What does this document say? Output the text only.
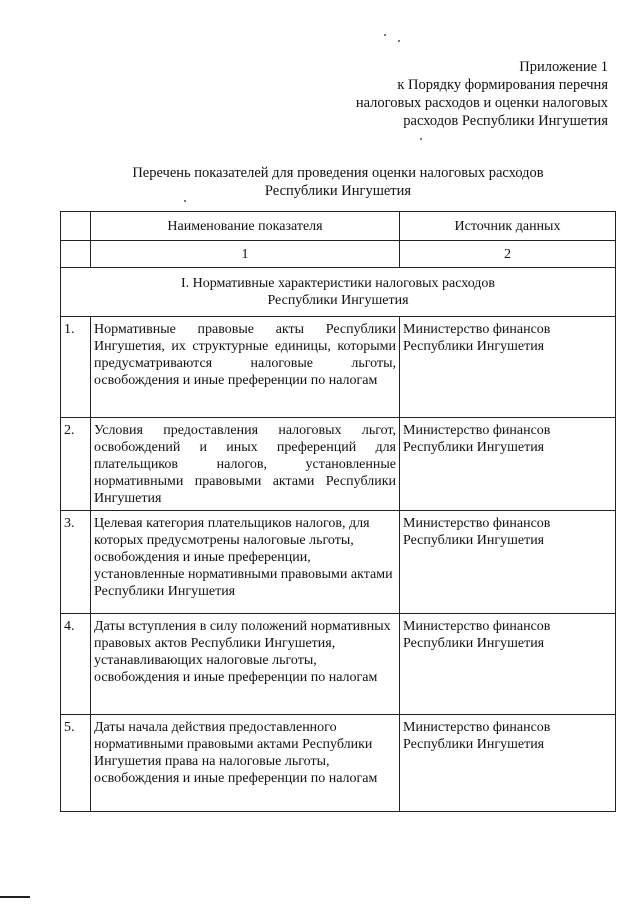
Приложение 1
к Порядку формирования перечня
налоговых расходов и оценки налоговых
расходов Республики Ингушетия
Перечень показателей для проведения оценки налоговых расходов
Республики Ингушетия
	Наименование показателя	Источник данных
	1	2

I. Нормативные характеристики налоговых расходов
Республики Ингушетия		

1.	Нормативные правовые акты Республики Ингушетия, их структурные единицы, которыми предусматриваются налоговые льготы, освобождения и иные преференции по налогам	Министерство финансов Республики Ингушетия
2.	Условия предоставления налоговых льгот, освобождений и иных преференций для плательщиков налогов, установленные нормативными правовыми актами Республики Ингушетия	Министерство финансов Республики Ингушетия
3.	Целевая категория плательщиков налогов, для которых предусмотрены налоговые льготы, освобождения и иные преференции, установленные нормативными правовыми актами Республики Ингушетия	Министерство финансов Республики Ингушетия
4.	Даты вступления в силу положений нормативных правовых актов Республики Ингушетия, устанавливающих налоговые льготы, освобождения и иные преференции по налогам	Министерство финансов Республики Ингушетия
5.	Даты начала действия предоставленного нормативными правовыми актами Республики Ингушетия права на налоговые льготы, освобождения и иные преференции по налогам	Министерство финансов Республики Ингушетия
